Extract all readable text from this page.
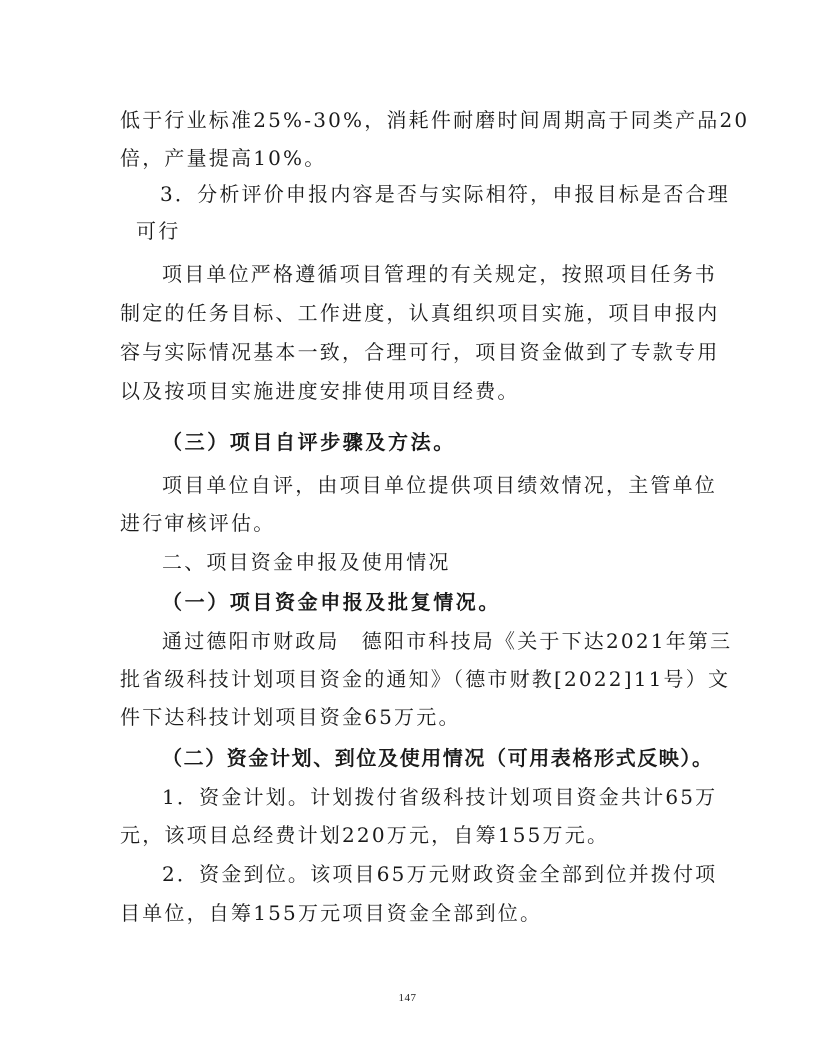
低于行业标准25%-30%，消耗件耐磨时间周期高于同类产品20
倍，产量提高10%。
3．分析评价申报内容是否与实际相符，申报目标是否合理
可行
项目单位严格遵循项目管理的有关规定，按照项目任务书
制定的任务目标、工作进度，认真组织项目实施，项目申报内
容与实际情况基本一致，合理可行，项目资金做到了专款专用
以及按项目实施进度安排使用项目经费。
（三）项目自评步骤及方法。
项目单位自评，由项目单位提供项目绩效情况，主管单位
进行审核评估。
二、项目资金申报及使用情况
（一）项目资金申报及批复情况。
通过德阳市财政局　德阳市科技局《关于下达2021年第三
批省级科技计划项目资金的通知》（德市财教[2022]11号）文
件下达科技计划项目资金65万元。
（二）资金计划、到位及使用情况（可用表格形式反映）。
1．资金计划。计划拨付省级科技计划项目资金共计65万
元，该项目总经费计划220万元，自筹155万元。
2．资金到位。该项目65万元财政资金全部到位并拨付项
目单位，自筹155万元项目资金全部到位。
147
